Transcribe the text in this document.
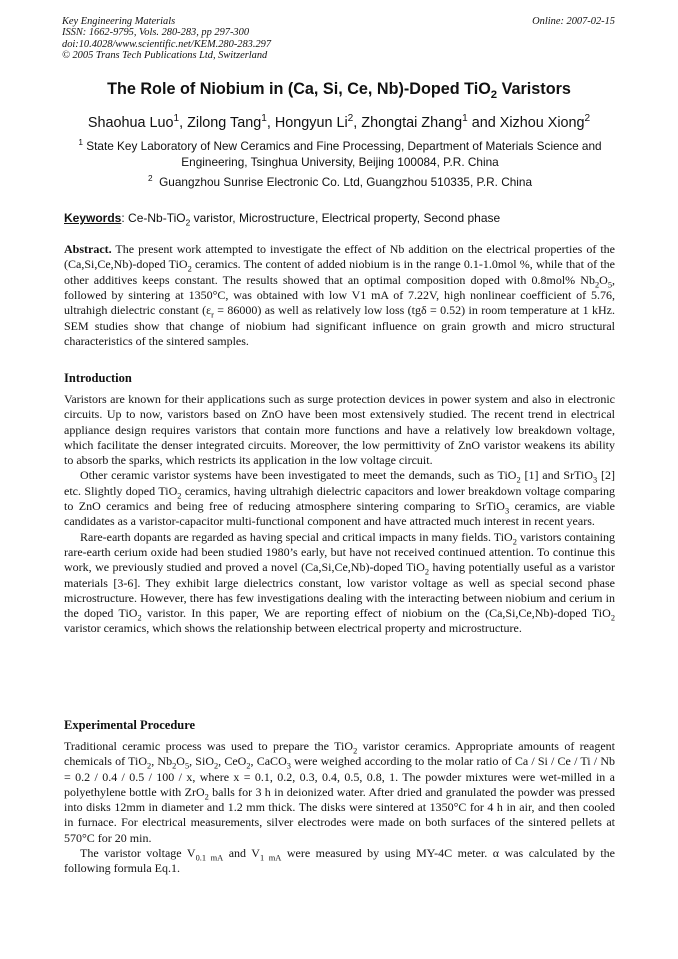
Key Engineering Materials
ISSN: 1662-9795, Vols. 280-283, pp 297-300
doi:10.4028/www.scientific.net/KEM.280-283.297
© 2005 Trans Tech Publications Ltd, Switzerland
Online: 2007-02-15
The Role of Niobium in (Ca, Si, Ce, Nb)-Doped TiO$_2$ Varistors
Shaohua Luo$^1$, Zilong Tang$^1$, Hongyun Li$^2$, Zhongtai Zhang$^1$ and Xizhou Xiong$^2$
$^1$ State Key Laboratory of New Ceramics and Fine Processing, Department of Materials Science and Engineering, Tsinghua University, Beijing 100084, P.R. China
$^2$ Guangzhou Sunrise Electronic Co. Ltd, Guangzhou 510335, P.R. China
Keywords: Ce-Nb-TiO$_2$ varistor, Microstructure, Electrical property, Second phase
Abstract. The present work attempted to investigate the effect of Nb addition on the electrical properties of the (Ca,Si,Ce,Nb)-doped TiO$_2$ ceramics. The content of added niobium is in the range 0.1-1.0mol %, while that of the other additives keeps constant. The results showed that an optimal composition doped with 0.8mol% $Nb_2O_5$, followed by sintering at 1350°C, was obtained with low V1 mA of 7.22V, high nonlinear coefficient of 5.76, ultrahigh dielectric constant $(\varepsilon_r = 86000)$ as well as relatively low loss (tgδ = 0.52) in room temperature at 1 kHz. SEM studies show that change of niobium had significant influence on grain growth and micro structural characteristics of the sintered samples.
Introduction

Varistors are known for their applications such as surge protection devices in power system and also in electronic circuits. Up to now, varistors based on ZnO have been most extensively studied. The recent trend in electrical appliance design requires varistors that contain more functions and have a relatively low breakdown voltage, which facilitate the denser integrated circuits. Moreover, the low permittivity of ZnO varistor weakens its ability to absorb the sparks, which restricts its application in the low voltage circuit.

Other ceramic varistor systems have been investigated to meet the demands, such as TiO$_2$ [1] and SrTiO$_3$ [2] etc. Slightly doped TiO$_2$ ceramics, having ultrahigh dielectric capacitors and lower breakdown voltage comparing to ZnO ceramics and being free of reducing atmosphere sintering comparing to SrTiO$_3$ ceramics, are viable candidates as a varistor-capacitor multi-functional component and have attracted much interest in recent years.

Rare-earth dopants are regarded as having special and critical impacts in many fields. TiO$_2$ varistors containing rare-earth cerium oxide had been studied 1980’s early, but have not received continued attention. To continue this work, we previously studied and proved a novel (Ca,Si,Ce,Nb)-doped TiO$_2$ having potentially useful as a varistor materials [3-6]. They exhibit large dielectrics constant, low varistor voltage as well as special second phase microstructure. However, there has few investigations dealing with the interacting between niobium and cerium in the doped TiO$_2$ varistor. In this paper, We are reporting effect of niobium on the (Ca,Si,Ce,Nb)-doped TiO$_2$ varistor ceramics, which shows the relationship between electrical property and microstructure.

Experimental Procedure

Traditional ceramic process was used to prepare the TiO$_2$ varistor ceramics. Appropriate amounts of reagent chemicals of TiO$_2$, $Nb_2O_5$, SiO$_2$, CeO$_2$, CaCO$_3$ were weighed according to the molar ratio of Ca / Si / Ce / Ti / Nb = 0.2 / 0.4 / 0.5 / 100 / x, where x = 0.1, 0.2, 0.3, 0.4, 0.5, 0.8, 1. The powder mixtures were wet-milled in a polyethylene bottle with ZrO$_2$ balls for 3 h in deionized water. After dried and granulated the powder was pressed into disks 12mm in diameter and 1.2 mm thick. The disks were sintered at 1350°C for 4 h in air, and then cooled in furnace. For electrical measurements, silver electrodes were made on both surfaces of the sintered pellets at 570°C for 20 min.

The varistor voltage $V_{0.1 mA}$ and $V_{1 mA}$ were measured by using MY-4C meter. α was calculated by the following formula Eq.1.
